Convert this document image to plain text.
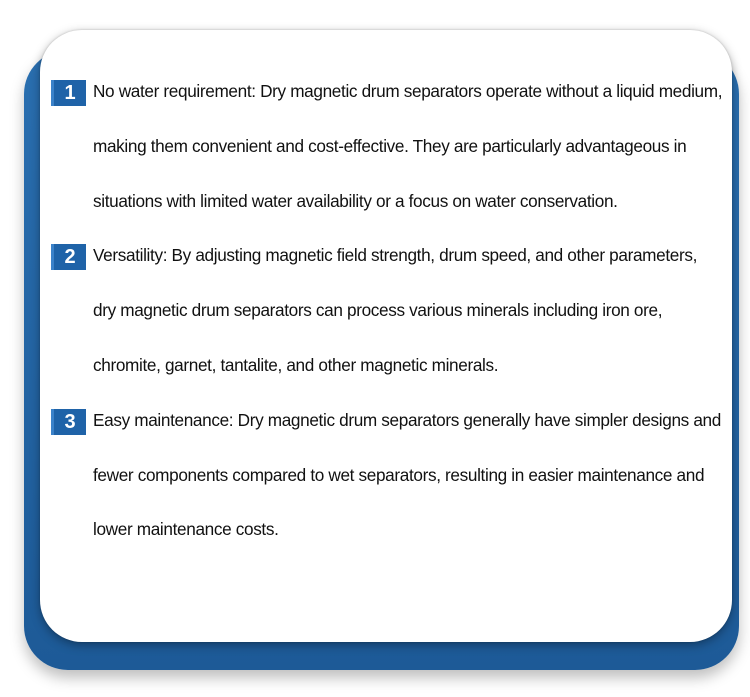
1	No water requirement: Dry magnetic drum separators operate without a liquid medium, making them convenient and cost-effective. They are particularly advantageous in situations with limited water availability or a focus on water conservation.
2	Versatility: By adjusting magnetic field strength, drum speed, and other parameters, dry magnetic drum separators can process various minerals including iron ore, chromite, garnet, tantalite, and other magnetic minerals.
3	Easy maintenance: Dry magnetic drum separators generally have simpler designs and fewer components compared to wet separators, resulting in easier maintenance and lower maintenance costs.
